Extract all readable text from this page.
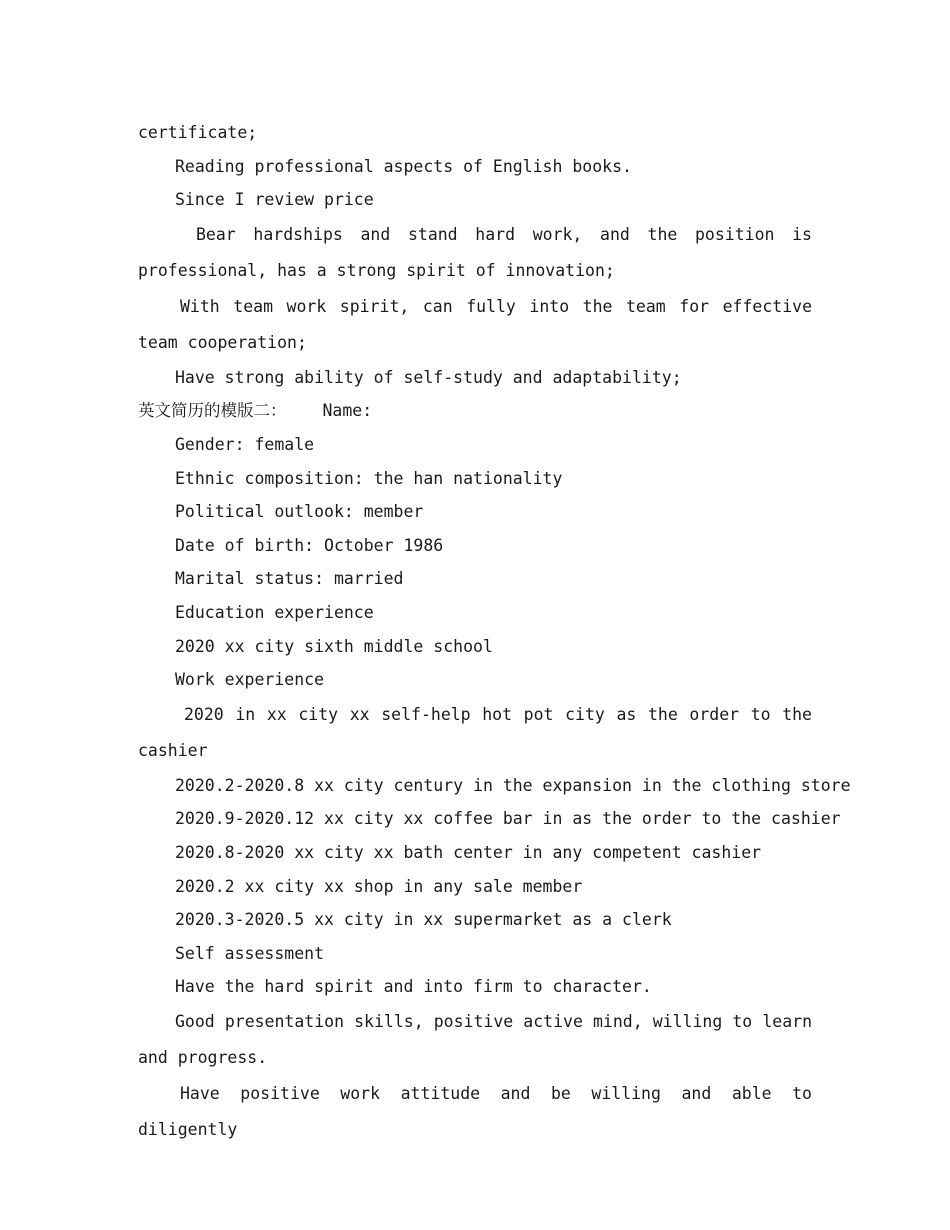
certificate;

Reading professional aspects of English books.

Since I review price

Bear hardships and stand hard work, and the position is professional, has a strong spirit of innovation;

With team work spirit, can fully into the team for effective team cooperation;

Have strong ability of self-study and adaptability;

英文简历的模版二： Name:

Gender: female

Ethnic composition: the han nationality

Political outlook: member

Date of birth: October 1986

Marital status: married

Education experience

2020 xx city sixth middle school

Work experience

2020 in xx city xx self-help hot pot city as the order to the cashier

2020.2-2020.8 xx city century in the expansion in the clothing store

2020.9-2020.12 xx city xx coffee bar in as the order to the cashier

2020.8-2020 xx city xx bath center in any competent cashier

2020.2 xx city xx shop in any sale member

2020.3-2020.5 xx city in xx supermarket as a clerk

Self assessment

Have the hard spirit and into firm to character.

Good presentation skills, positive active mind, willing to learn and progress.

Have positive work attitude and be willing and able to diligently
